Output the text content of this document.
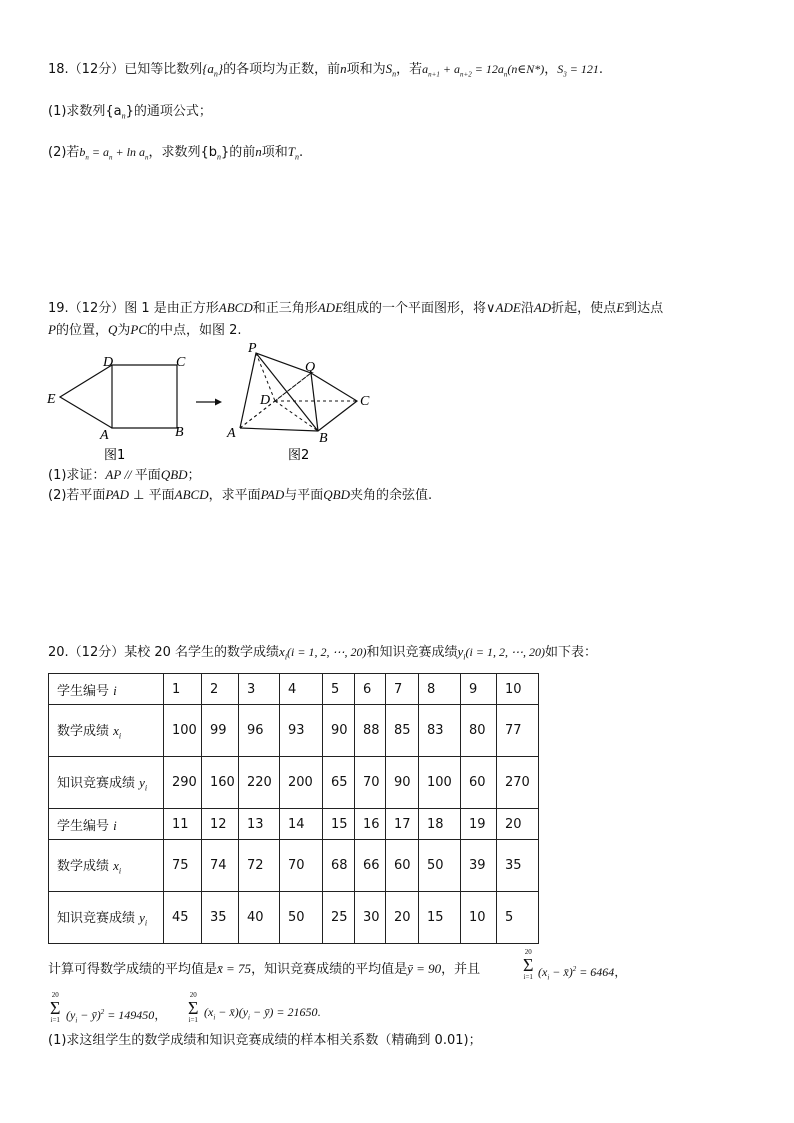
18.（12分）已知等比数列$\{a_n\}$的各项均为正数，前n项和为$S_n$，若$a_{n+1} + a_{n+2}$ = $12a_n(n\in N*)$，$S_3 = 121$.
(1)求数列$\{a_n\}$的通项公式；
(2)若$b_n = a_n + \ln a_n$，求数列$\{b_n\}$的前n项和$T_n$.
19.（12分）图 1 是由正方形ABCD和正三角形ADE组成的一个平面图形，将∨ADE沿AD折起，使点E到达点
P的位置，Q为PC的中点，如图 2.
D	C
E
A	B
P
Q
D	C
A	B
图1	图2
(1)求证：AP // 平面QBD；
(2)若平面PAD ⊥ 平面ABCD，求平面PAD与平面QBD夹角的余弦值.
20.（12分）某校 20 名学生的数学成绩$x_i(i = 1$, 2, ⋯, 20)和知识竞赛成绩$y_i(i = 1$, 2, ⋯, 20)如下表：
学生编号 i	1	2	3	4	5	6	7	8	9	10
数学成绩 $x_i$	100	99	96	93	90	88	85	83	80	77
知识竞赛成绩 $y_i$	290	160	220	200	65	70	90	100	60	270
学生编号 i	11	12	13	14	15	16	17	18	19	20
数学成绩 $x_i$	75	74	72	70	68	66	60	50	39	35
知识竞赛成绩 $y_i$	45	35	40	50	25	30	20	15	10	5
计算可得数学成绩的平均值是x̄ = 75，知识竞赛成绩的平均值是ȳ = 90，并且
20
Σ
i=1 ($x_i$ − x̄)$^2$ = 6464，
20
Σ
i=1 ($y_i$ − ȳ)$^2$ = 149450，
20
Σ
i=1
($x_i$ − $x̄)(y_i$ − ȳ) = 21650.
(1)求这组学生的数学成绩和知识竞赛成绩的样本相关系数（精确到 0.01)；
